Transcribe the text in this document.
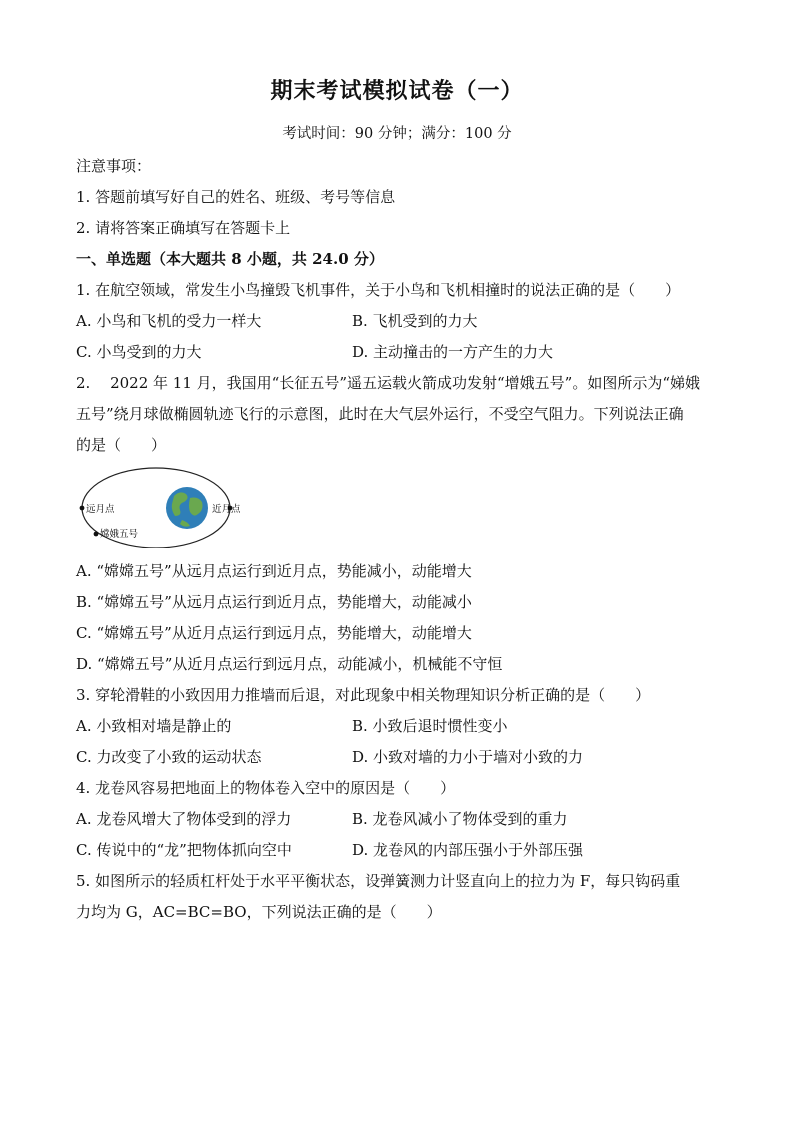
期末考试模拟试卷（一）
考试时间：90 分钟；满分：100 分
注意事项：
1. 答题前填写好自己的姓名、班级、考号等信息
2. 请将答案正确填写在答题卡上
一、单选题（本大题共 8 小题，共 24.0 分）
1. 在航空领域，常发生小鸟撞毁飞机事件，关于小鸟和飞机相撞时的说法正确的是（　　）
A. 小鸟和飞机的受力一样大	B. 飞机受到的力大
C. 小鸟受到的力大	D. 主动撞击的一方产生的力大
2.　 2022 年 11 月，我国用“长征五号”遥五运载火箭成功发射“增娥五号”。如图所示为“娣娥
五号”绕月球做椭圆轨迹飞行的示意图，此时在大气层外运行，不受空气阻力。下列说法正确
的是（　　）
远月点	近月点
嫦娥五号
A. “嫦嫦五号”从远月点运行到近月点，势能减小，动能增大
B. “嫦嫦五号”从远月点运行到近月点，势能增大，动能减小
C. “嫦嫦五号”从近月点运行到远月点，势能增大，动能增大
D. “嫦嫦五号”从近月点运行到远月点，动能减小，机械能不守恒
3. 穿轮滑鞋的小致因用力推墙而后退，对此现象中相关物理知识分析正确的是（　　）
A. 小致相对墙是静止的	B. 小致后退时惯性变小
C. 力改变了小致的运动状态	D. 小致对墙的力小于墙对小致的力
4. 龙卷风容易把地面上的物体卷入空中的原因是（　　）
A. 龙卷风增大了物体受到的浮力	B. 龙卷风减小了物体受到的重力
C. 传说中的“龙”把物体抓向空中	D. 龙卷风的内部压强小于外部压强
5. 如图所示的轻质杠杆处于水平平衡状态，设弹簧测力计竖直向上的拉力为 F，每只钩码重
力均为 G，AC=BC=BO，下列说法正确的是（　　）
